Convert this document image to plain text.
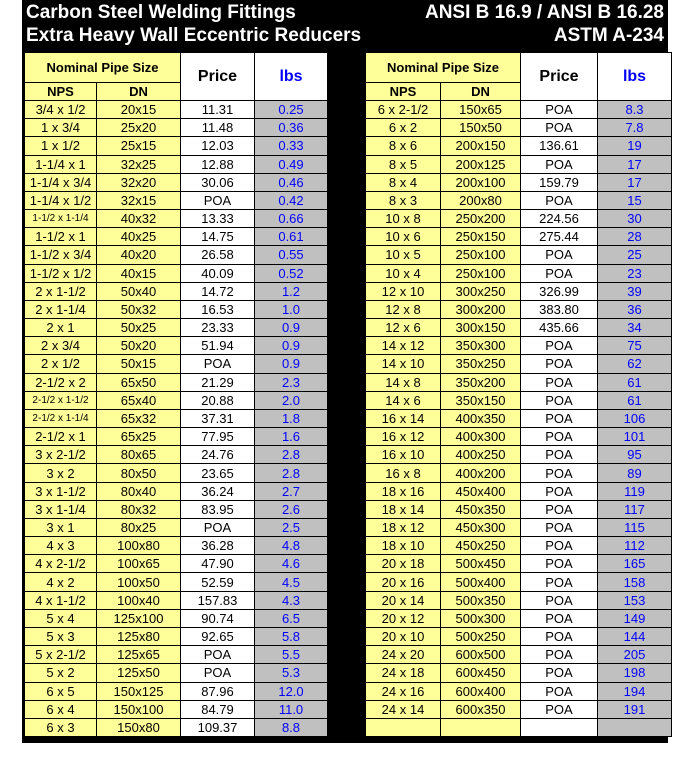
Carbon Steel Welding Fittings	ANSI B 16.9 / ANSI B 16.28
Extra Heavy Wall Eccentric Reducers	ASTM A-234
Nominal Pipe Size		Price	lbs
NPS	DN		
3/4 x 1/2	20x15	11.31	0.25
1 x 3/4	25x20	11.48	0.36
1 x 1/2	25x15	12.03	0.33
1-1/4 x 1	32x25	12.88	0.49
1-1/4 x 3/4	32x20	30.06	0.46
1-1/4 x 1/2	32x15	POA	0.42
1-1/2 x 1-1/4	40x32	13.33	0.66
1-1/2 x 1	40x25	14.75	0.61
1-1/2 x 3/4	40x20	26.58	0.55
1-1/2 x 1/2	40x15	40.09	0.52
2 x 1-1/2	50x40	14.72	1.2
2 x 1-1/4	50x32	16.53	1.0
2 x 1	50x25	23.33	0.9
2 x 3/4	50x20	51.94	0.9
2 x 1/2	50x15	POA	0.9
2-1/2 x 2	65x50	21.29	2.3
2-1/2 x 1-1/2	65x40	20.88	2.0
2-1/2 x 1-1/4	65x32	37.31	1.8
2-1/2 x 1	65x25	77.95	1.6
3 x 2-1/2	80x65	24.76	2.8
3 x 2	80x50	23.65	2.8
3 x 1-1/2	80x40	36.24	2.7
3 x 1-1/4	80x32	83.95	2.6
3 x 1	80x25	POA	2.5
4 x 3	100x80	36.28	4.8
4 x 2-1/2	100x65	47.90	4.6
4 x 2	100x50	52.59	4.5
4 x 1-1/2	100x40	157.83	4.3
5 x 4	125x100	90.74	6.5
5 x 3	125x80	92.65	5.8
5 x 2-1/2	125x65	POA	5.5
5 x 2	125x50	POA	5.3
6 x 5	150x125	87.96	12.0
6 x 4	150x100	84.79	11.0
6 x 3	150x80	109.37	8.8
Nominal Pipe Size		Price	lbs
NPS	DN		
6 x 2-1/2	150x65	POA	8.3
6 x 2	150x50	POA	7.8
8 x 6	200x150	136.61	19
8 x 5	200x125	POA	17
8 x 4	200x100	159.79	17
8 x 3	200x80	POA	15
10 x 8	250x200	224.56	30
10 x 6	250x150	275.44	28
10 x 5	250x100	POA	25
10 x 4	250x100	POA	23
12 x 10	300x250	326.99	39
12 x 8	300x200	383.80	36
12 x 6	300x150	435.66	34
14 x 12	350x300	POA	75
14 x 10	350x250	POA	62
14 x 8	350x200	POA	61
14 x 6	350x150	POA	61
16 x 14	400x350	POA	106
16 x 12	400x300	POA	101
16 x 10	400x250	POA	95
16 x 8	400x200	POA	89
18 x 16	450x400	POA	119
18 x 14	450x350	POA	117
18 x 12	450x300	POA	115
18 x 10	450x250	POA	112
20 x 18	500x450	POA	165
20 x 16	500x400	POA	158
20 x 14	500x350	POA	153
20 x 12	500x300	POA	149
20 x 10	500x250	POA	144
24 x 20	600x500	POA	205
24 x 18	600x450	POA	198
24 x 16	600x400	POA	194
24 x 14	600x350	POA	191
